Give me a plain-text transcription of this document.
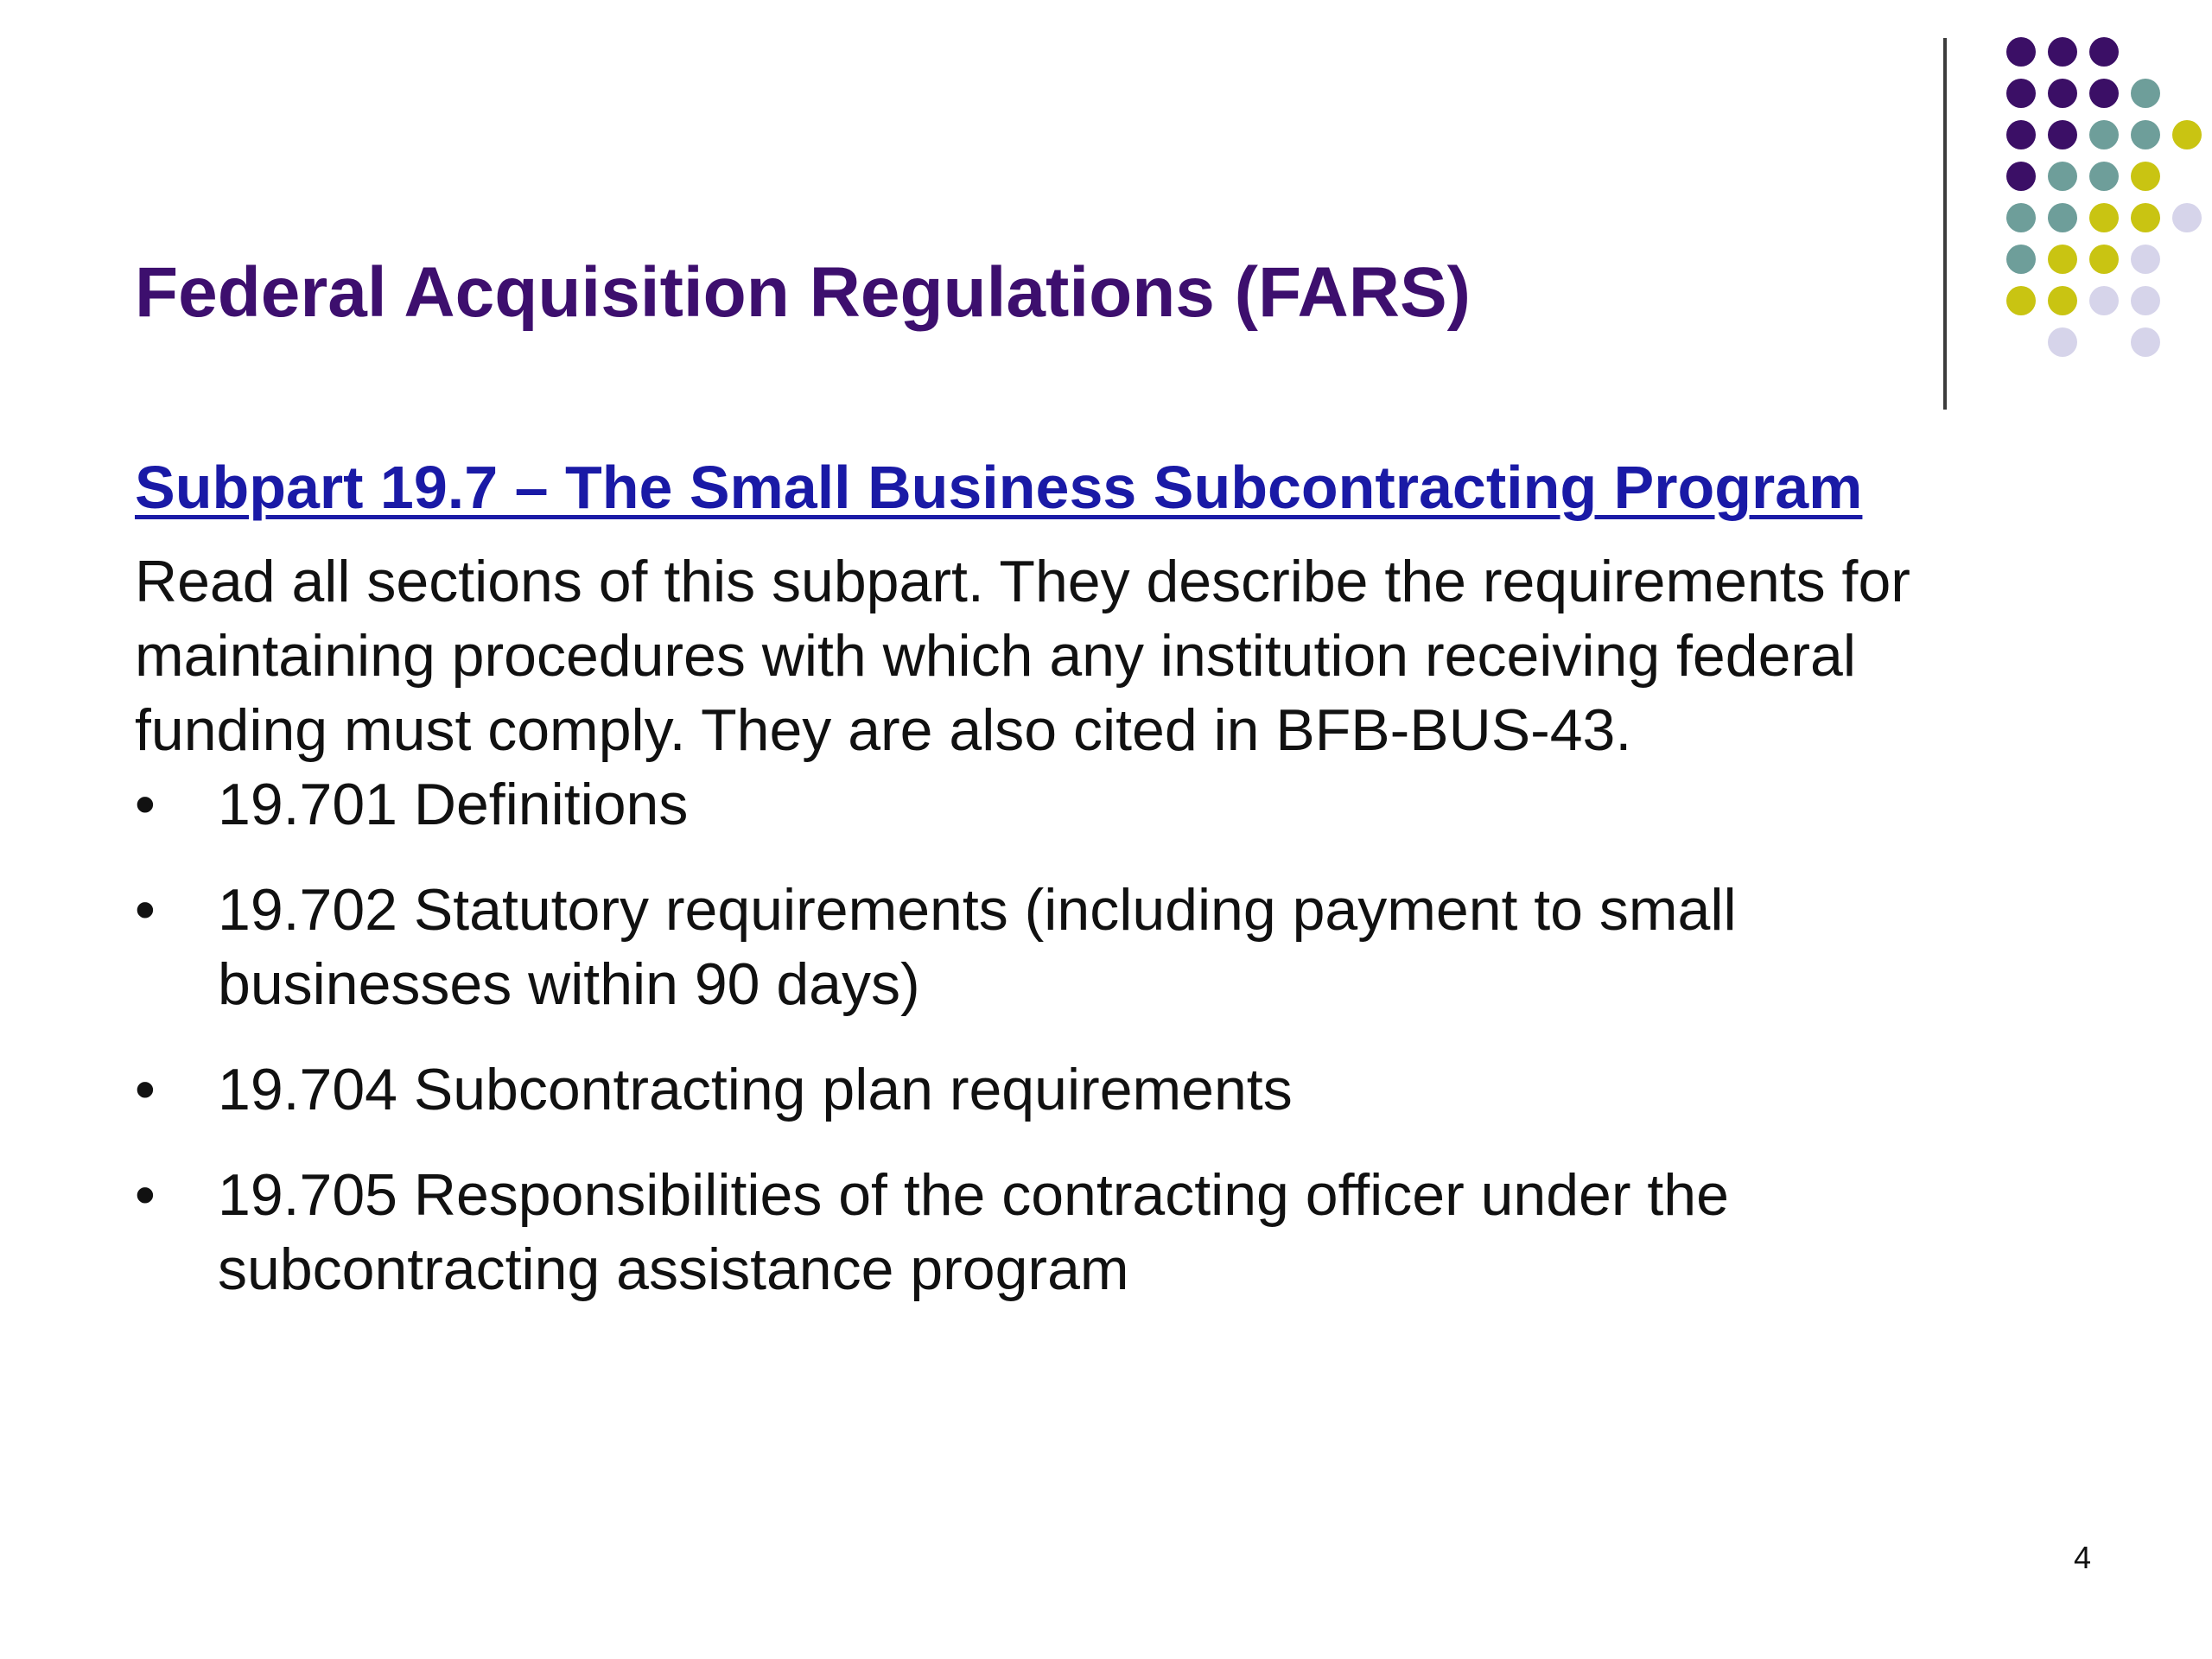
Federal Acquisition Regulations (FARS)
Subpart 19.7 – The Small Business Subcontracting Program

Read all sections of this subpart. They describe the requirements for
maintaining procedures with which any institution receiving federal
funding must comply. They are also cited in BFB-BUS-43.

• 19.701 Definitions
• 19.702 Statutory requirements (including payment to small businesses within 90 days)
• 19.704 Subcontracting plan requirements
• 19.705 Responsibilities of the contracting officer under the subcontracting assistance program
4
